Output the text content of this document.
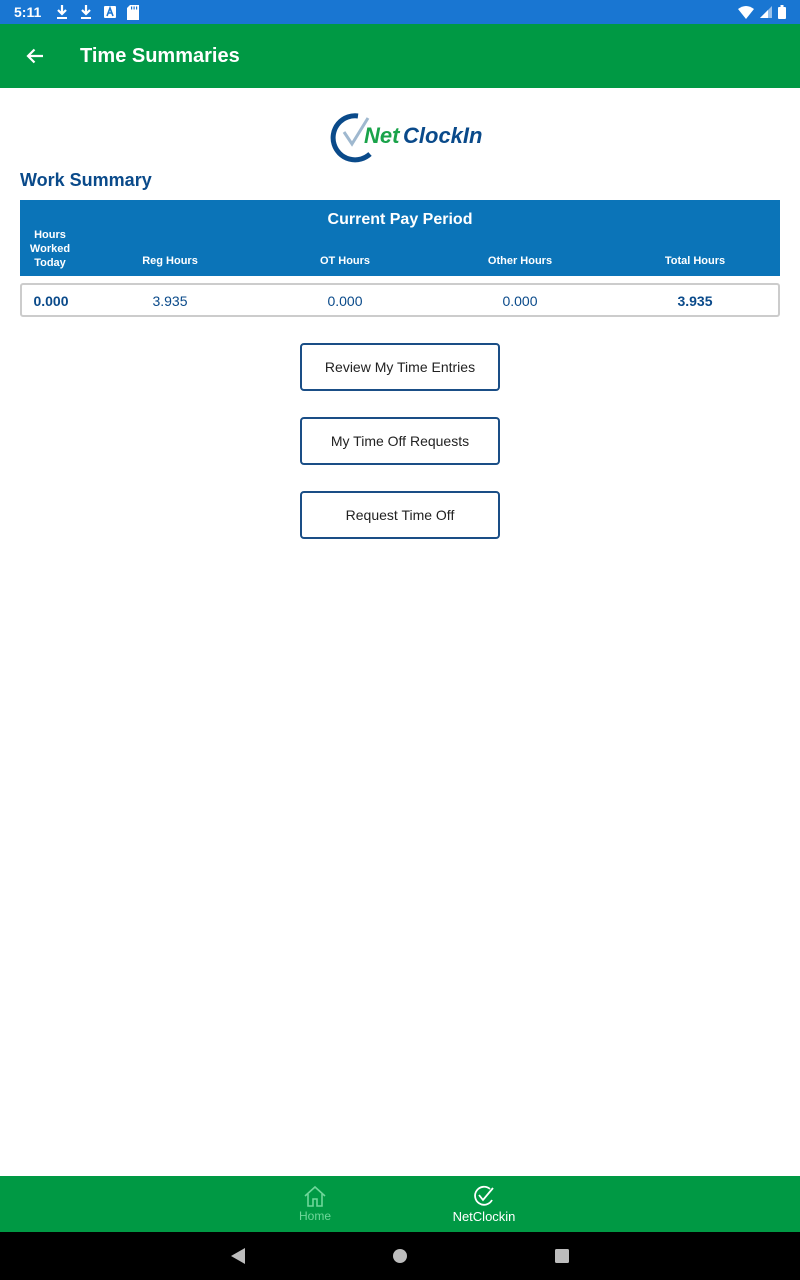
5:11
Time Summaries
Net ClockIn
Work Summary
Current Pay Period
Hours Worked Today	Reg Hours	OT Hours	Other Hours	Total Hours
0.000	3.935	0.000	0.000	3.935
Review My Time Entries
My Time Off Requests
Request Time Off
Home	NetClockin
